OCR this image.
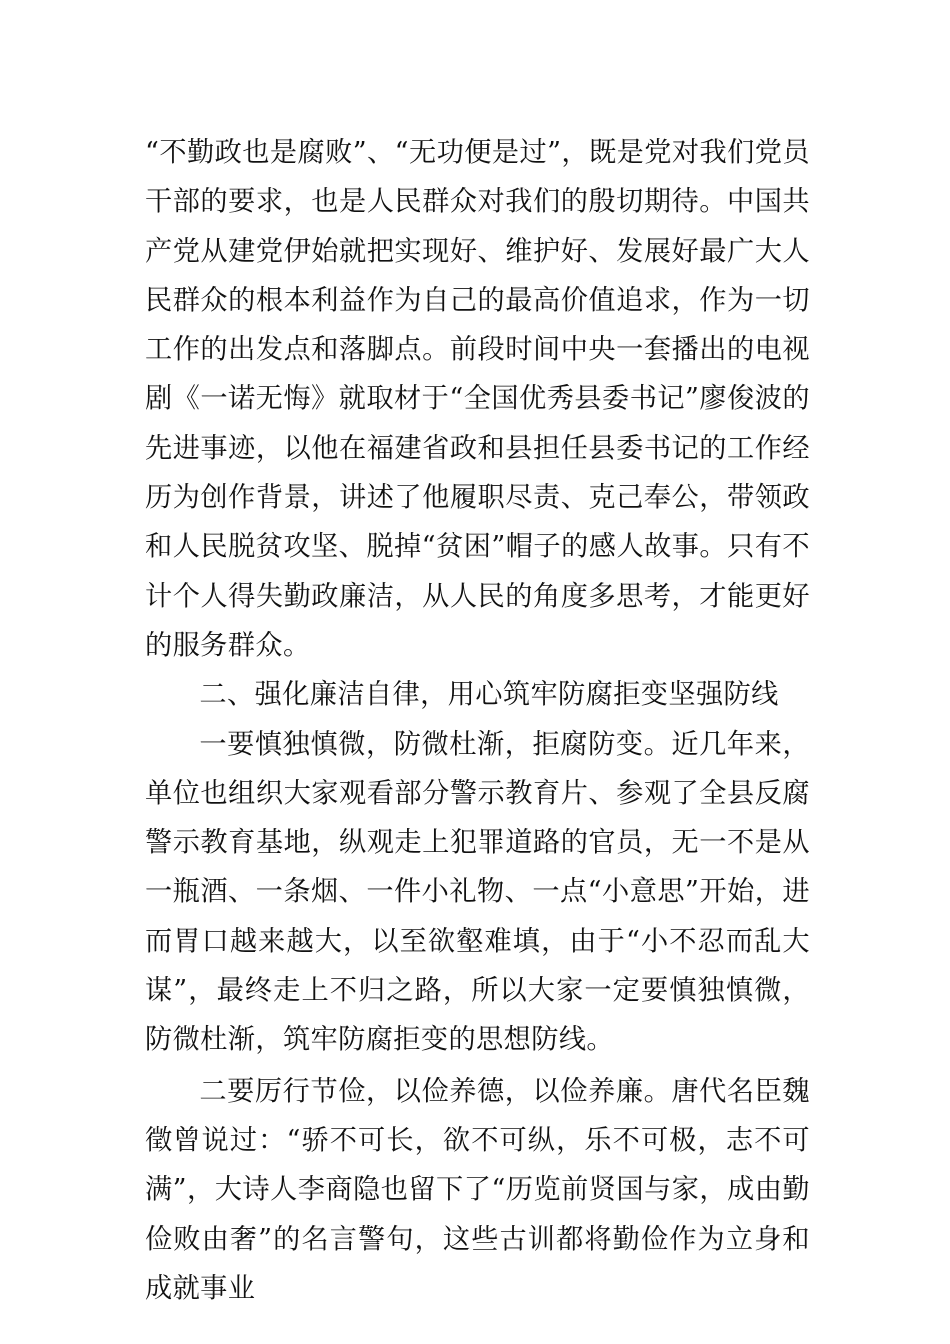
“不勤政也是腐败”、“无功便是过”，既是党对我们党员干部的要求，也是人民群众对我们的殷切期待。中国共产党从建党伊始就把实现好、维护好、发展好最广大人民群众的根本利益作为自己的最高价值追求，作为一切工作的出发点和落脚点。前段时间中央一套播出的电视剧《一诺无悔》就取材于“全国优秀县委书记”廖俊波的先进事迹，以他在福建省政和县担任县委书记的工作经历为创作背景，讲述了他履职尽责、克己奉公，带领政和人民脱贫攻坚、脱掉“贫困”帽子的感人故事。只有不计个人得失勤政廉洁，从人民的角度多思考，才能更好的服务群众。

二、强化廉洁自律，用心筑牢防腐拒变坚强防线

一要慎独慎微，防微杜渐，拒腐防变。近几年来，单位也组织大家观看部分警示教育片、参观了全县反腐警示教育基地，纵观走上犯罪道路的官员，无一不是从一瓶酒、一条烟、一件小礼物、一点“小意思”开始，进而胃口越来越大，以至欲壑难填，由于“小不忍而乱大谋”，最终走上不归之路，所以大家一定要慎独慎微，防微杜渐，筑牢防腐拒变的思想防线。

二要厉行节俭，以俭养德，以俭养廉。唐代名臣魏徵曾说过：“骄不可长，欲不可纵，乐不可极，志不可满”，大诗人李商隐也留下了“历览前贤国与家，成由勤俭败由奢”的名言警句，这些古训都将勤俭作为立身和成就事业
